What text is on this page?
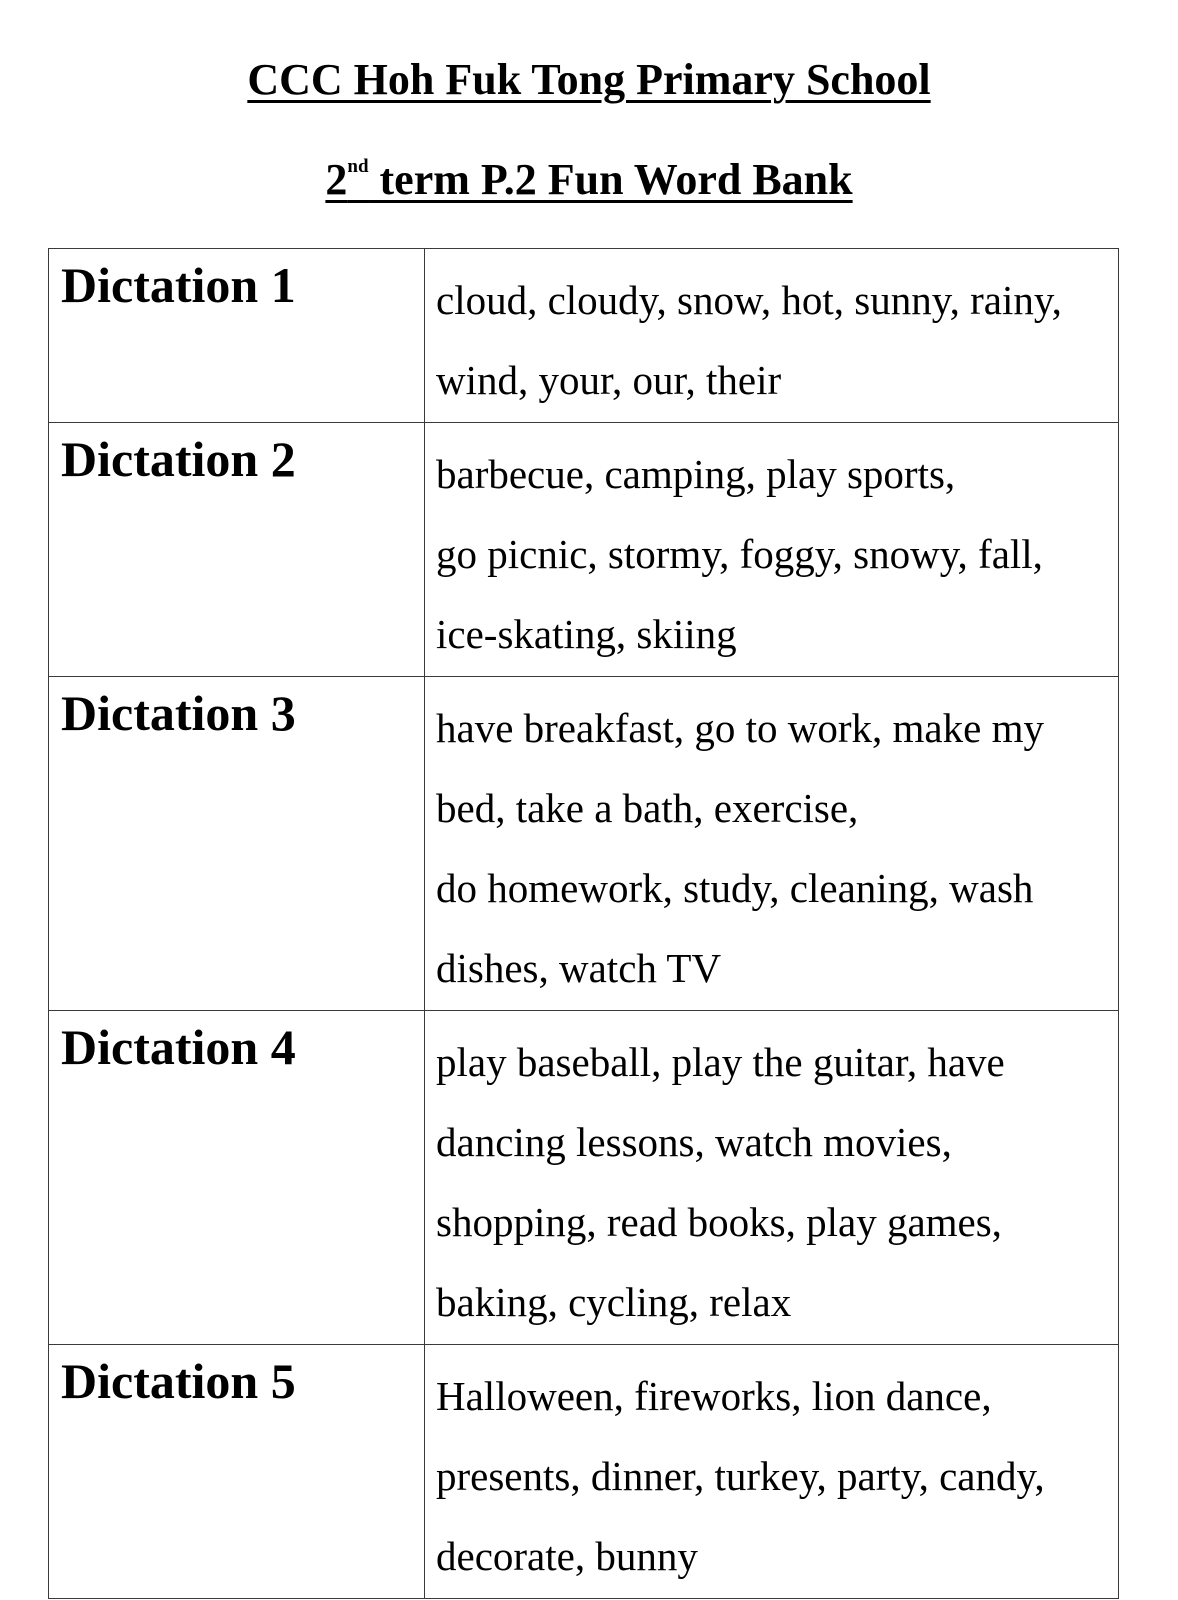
CCC Hoh Fuk Tong Primary School
2nd term P.2 Fun Word Bank
Dictation 1	cloud, cloudy, snow, hot, sunny, rainy,
wind, your, our, their

Dictation 2	barbecue, camping, play sports,
go picnic, stormy, foggy, snowy, fall,
ice-skating, skiing

Dictation 3	have breakfast, go to work, make my
bed, take a bath, exercise,
do homework, study, cleaning, wash
dishes, watch TV

Dictation 4	play baseball, play the guitar, have
dancing lessons, watch movies,
shopping, read books, play games,
baking, cycling, relax

Dictation 5	Halloween, fireworks, lion dance,
presents, dinner, turkey, party, candy,
decorate, bunny
